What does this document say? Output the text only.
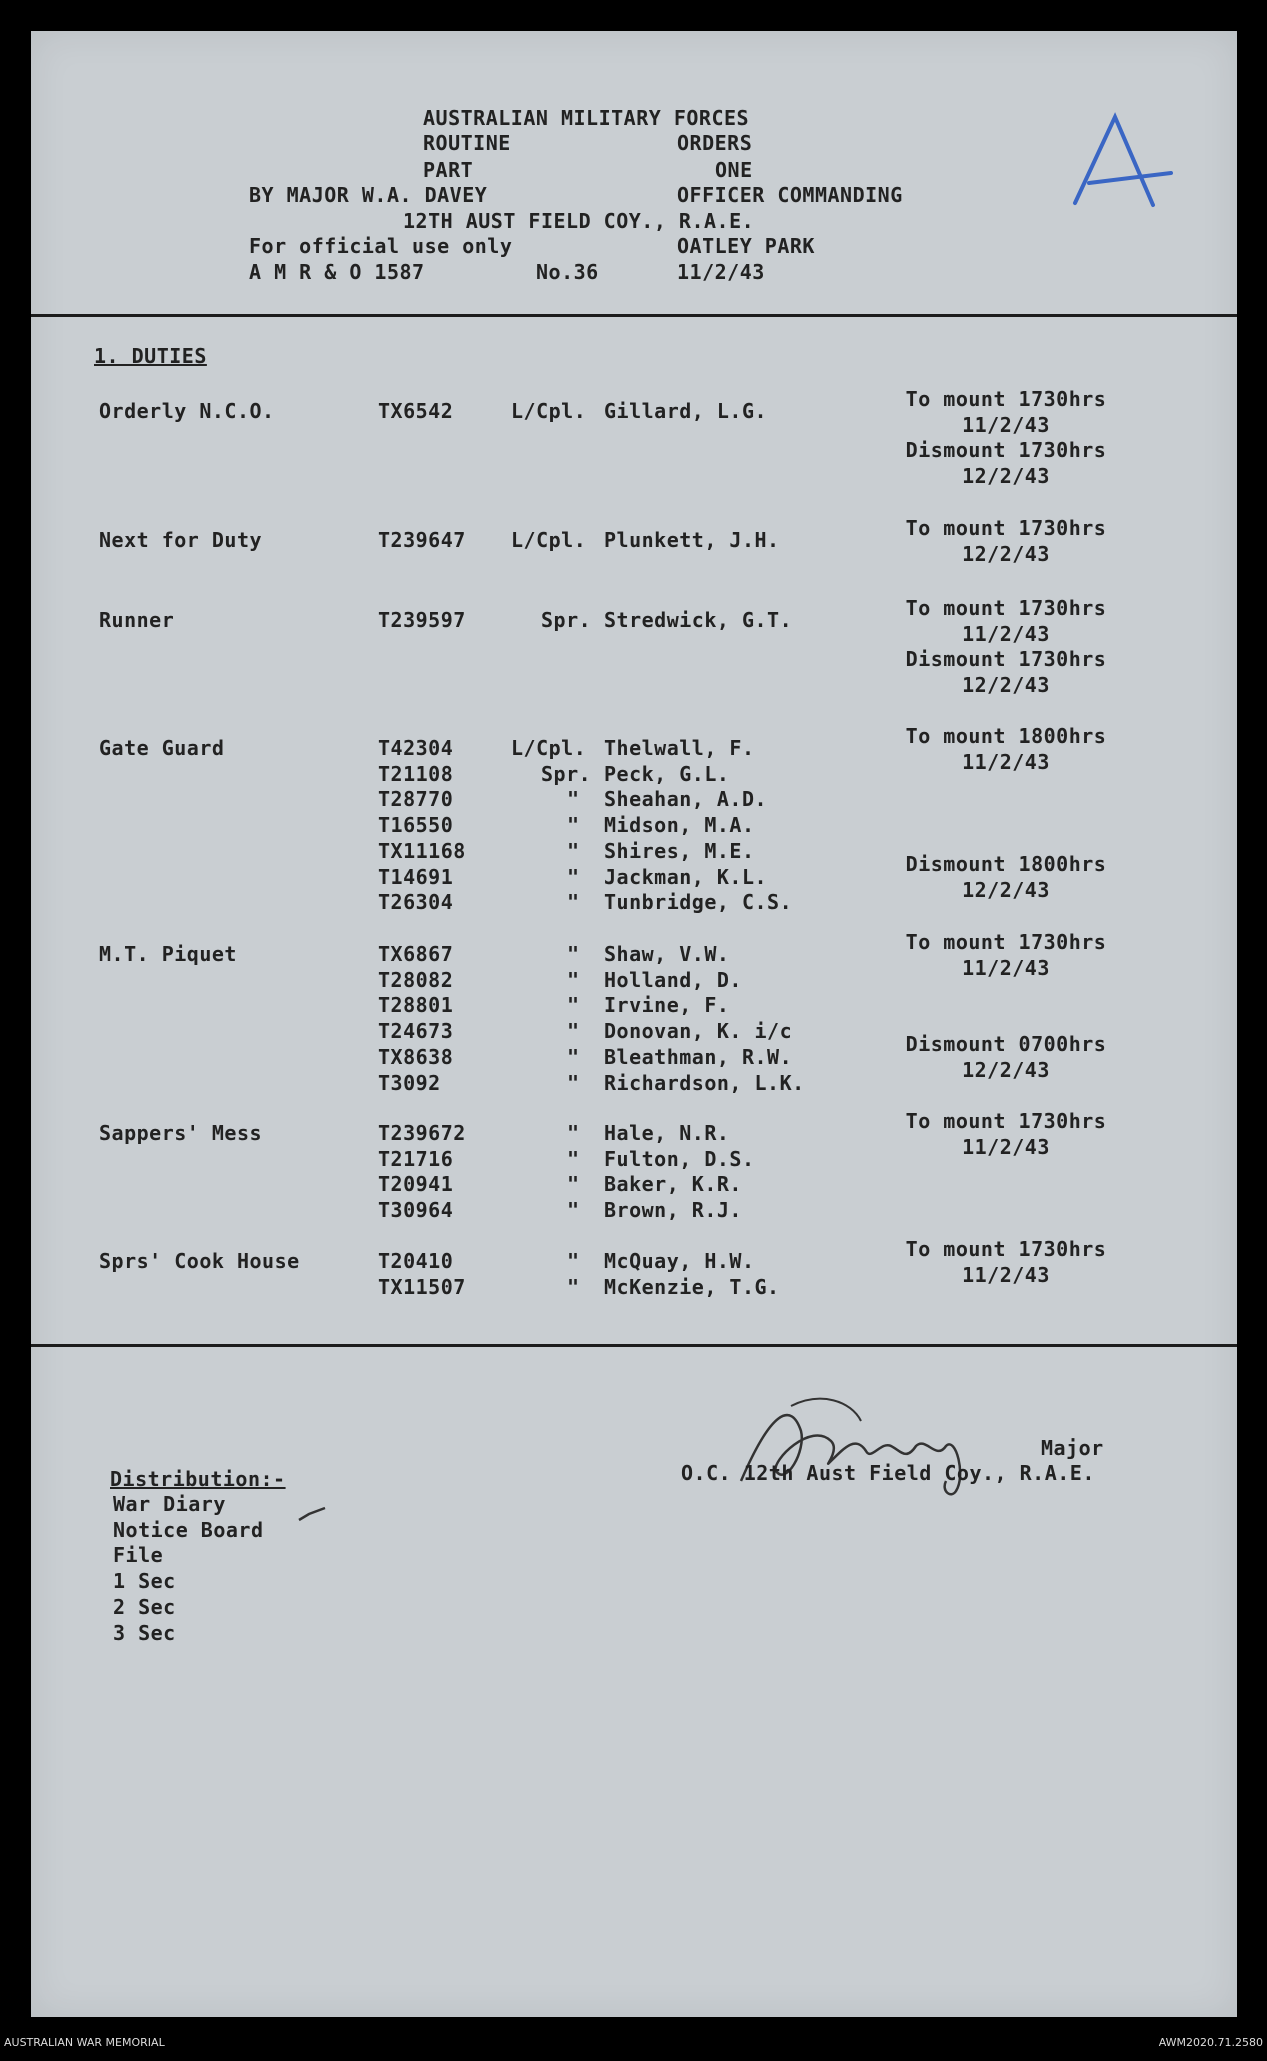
AUSTRALIAN MILITARY FORCES
ROUTINE	ORDERS
PART	ONE
BY MAJOR W.A. DAVEY	OFFICER COMMANDING
12TH AUST FIELD COY., R.A.E.
For official use only	OATLEY PARK
A M R & O 1587	No.36	11/2/43
1. DUTIES
Orderly N.C.O.	TX6542	L/Cpl. Gillard, L.G.	To mount 1730hrs
11/2/43
Dismount 1730hrs
12/2/43
Next for Duty	T239647 L/Cpl. Plunkett, J.H.	To mount 1730hrs
12/2/43
Runner	T239597	Spr. Stredwick, G.T.	To mount 1730hrs
11/2/43
Dismount 1730hrs
12/2/43
Gate Guard	T42304	L/Cpl. Thelwall, F.
T21108	Spr. Peck, G.L.
T28770	" Sheahan, A.D.
T16550	" Midson, M.A.
TX11168	" Shires, M.E.
T14691	" Jackman, K.L.
T26304	" Tunbridge, C.S.
To mount 1800hrs
11/2/43
Dismount 1800hrs
12/2/43
M.T. Piquet	TX6867	" Shaw, V.W.
T28082	" Holland, D.
T28801	" Irvine, F.
T24673	" Donovan, K. i/c
TX8638	" Bleathman, R.W.
T3092	" Richardson, L.K.
To mount 1730hrs
11/2/43
Dismount 0700hrs
12/2/43
Sappers' Mess	T239672	" Hale, N.R.
T21716	" Fulton, D.S.
T20941	" Baker, K.R.
T30964	" Brown, R.J.
To mount 1730hrs
11/2/43
Sprs' Cook House	T20410	" McQuay, H.W.
TX11507	" McKenzie, T.G.
To mount 1730hrs
11/2/43
Major
O.C. 12th Aust Field Coy., R.A.E.
Distribution:-
War Diary
Notice Board
File
1 Sec
2 Sec
3 Sec
AUSTRALIAN WAR MEMORIAL	AWM2020.71.2580
